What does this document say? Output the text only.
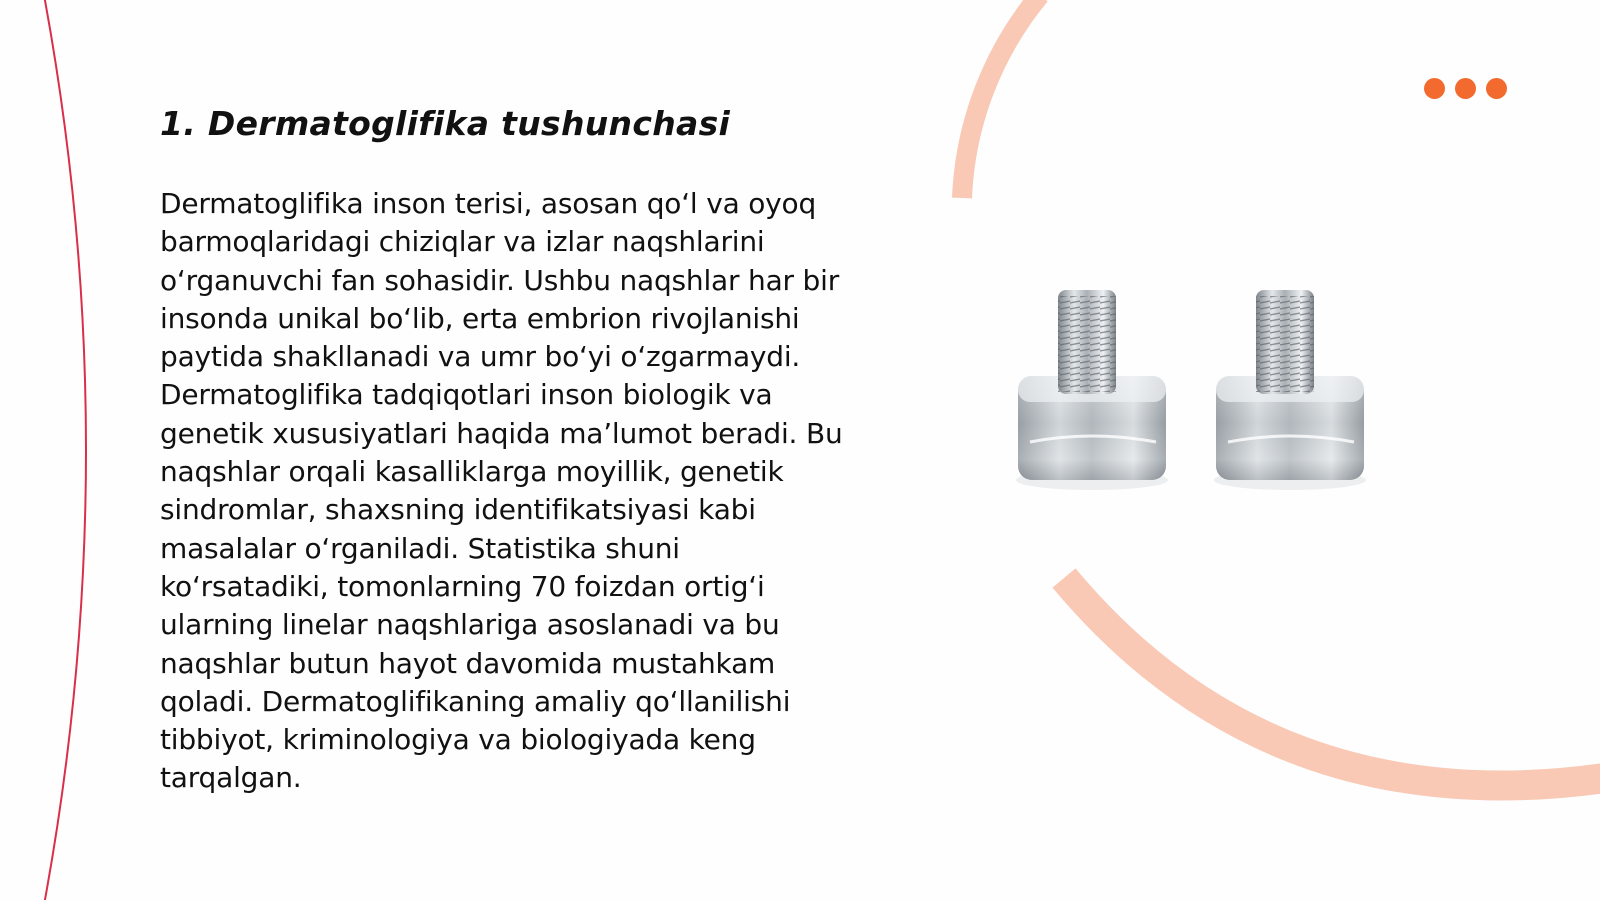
1. Dermatoglifika tushunchasi

Dermatoglifika inson terisi, asosan qo‘l va oyoq barmoqlaridagi chiziqlar va izlar naqshlarini o‘rganuvchi fan sohasidir. Ushbu naqshlar har bir insonda unikal bo‘lib, erta embrion rivojlanishi paytida shakllanadi va umr bo‘yi o‘zgarmaydi. Dermatoglifika tadqiqotlari inson biologik va genetik xususiyatlari haqida ma’lumot beradi. Bu naqshlar orqali kasalliklarga moyillik, genetik sindromlar, shaxsning identifikatsiyasi kabi masalalar o‘rganiladi. Statistika shuni ko‘rsatadiki, tomonlarning 70 foizdan ortig‘i ularning linelar naqshlariga asoslanadi va bu naqshlar butun hayot davomida mustahkam qoladi. Dermatoglifikaning amaliy qo‘llanilishi tibbiyot, kriminologiya va biologiyada keng tarqalgan.
